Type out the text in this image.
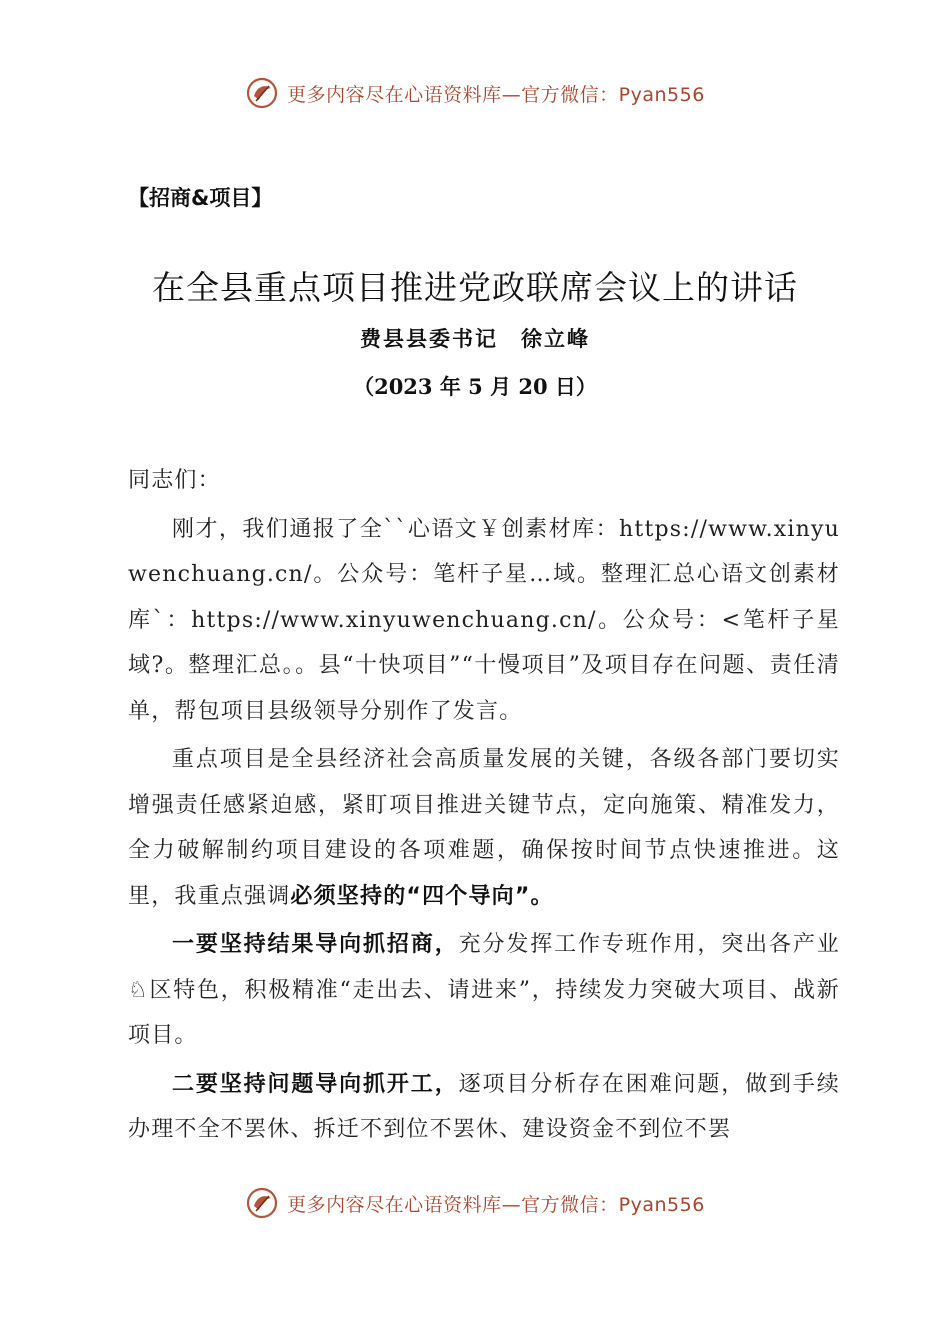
更多内容尽在心语资料库—官方微信：Pyan556
【招商&项目】
在全县重点项目推进党政联席会议上的讲话
费县县委书记　徐立峰
（2023 年 5 月 20 日）

同志们：

刚才，我们通报了全``心语文￥创素材库：https://www.xinyuwenchuang.cn/。公众号：笔杆子星…域。整理汇总心语文创素材库`：https://www.xinyuwenchuang.cn/。公众号：<笔杆子星域?。整理汇总。。县“十快项目”“十慢项目”及项目存在问题、责任清单，帮包项目县级领导分别作了发言。

重点项目是全县经济社会高质量发展的关键，各级各部门要切实增强责任感紧迫感，紧盯项目推进关键节点，定向施策、精准发力，全力破解制约项目建设的各项难题，确保按时间节点快速推进。这里，我重点强调必须坚持的“四个导向”。

一要坚持结果导向抓招商，充分发挥工作专班作用，突出各产业♘区特色，积极精准“走出去、请进来”，持续发力突破大项目、战新项目。

二要坚持问题导向抓开工，逐项目分析存在困难问题，做到手续办理不全不罢休、拆迁不到位不罢休、建设资金不到位不罢

更多内容尽在心语资料库—官方微信：Pyan556
